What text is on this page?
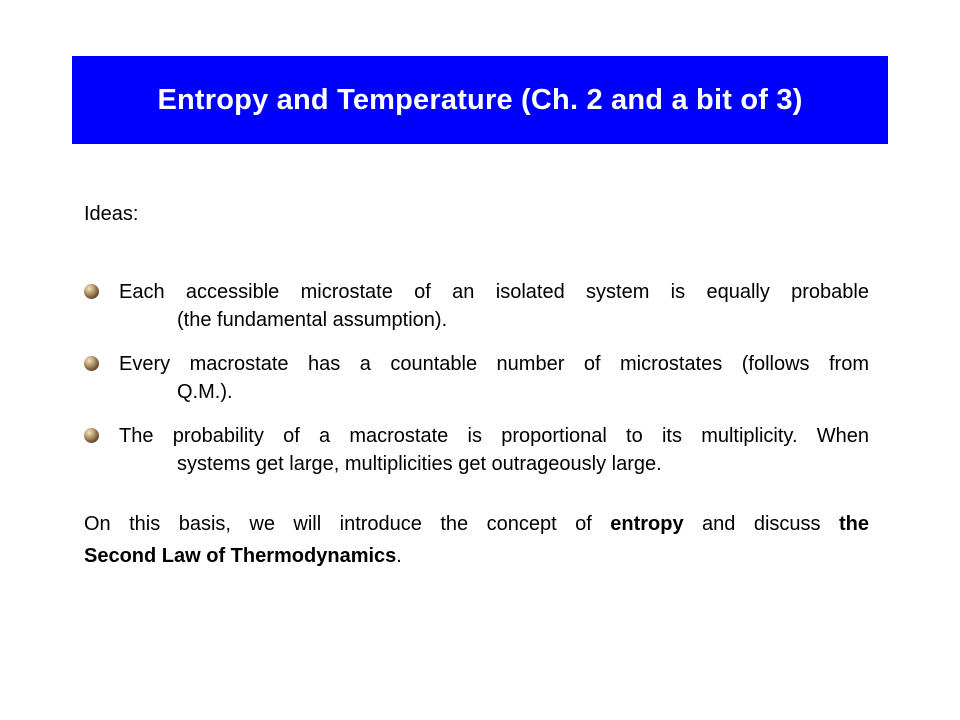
Entropy and Temperature (Ch. 2 and a bit of 3)
Ideas:
Each accessible microstate of an isolated system is equally probable
(the fundamental assumption).
Every macrostate has a countable number of microstates (follows from
Q.M.).
The probability of a macrostate is proportional to its multiplicity. When
systems get large, multiplicities get outrageously large.
On this basis, we will introduce the concept of entropy and discuss the
Second Law of Thermodynamics.
